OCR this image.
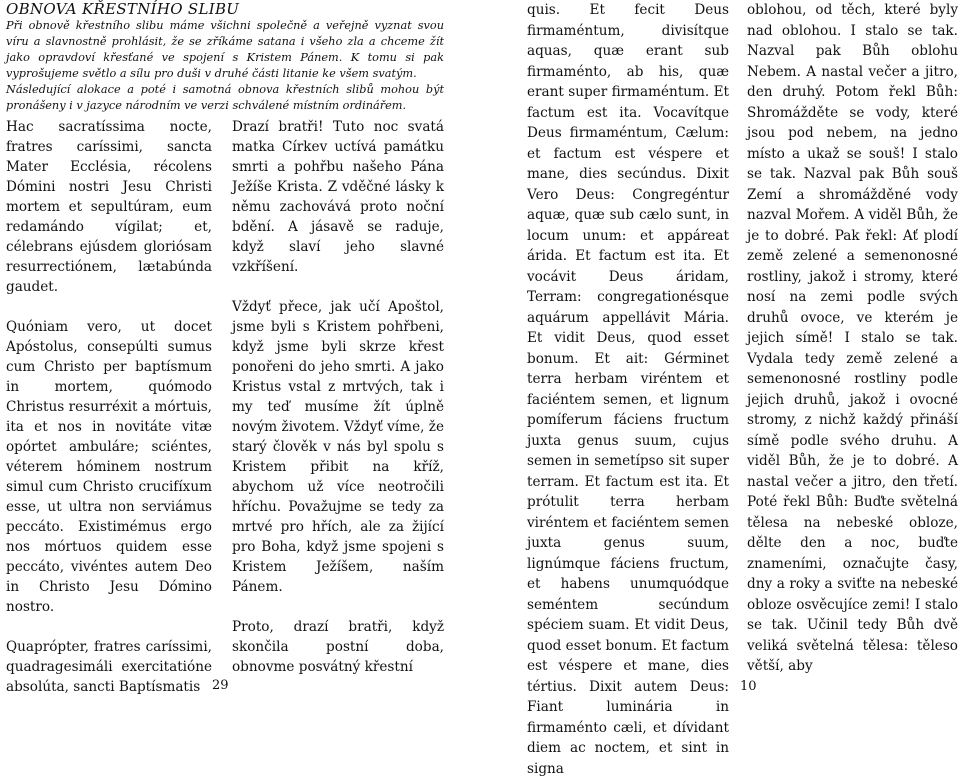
OBNOVA KŘESTNÍHO SLIBU
Při obnově křestního slibu máme všichni společně a veřejně vyznat svou víru a slavnostně prohlásit, že se zříkáme satana i všeho zla a chceme žít jako opravdoví křesťané ve spojení s Kristem Pánem. K tomu si pak vyprošujeme světlo a sílu pro duši v druhé části litanie ke všem svatým.
Následující alokace a poté i samotná obnova křestních slibů mohou být pronášeny i v jazyce národním ve verzi schválené místním ordinářem.

Hac sacratíssima nocte, fratres caríssimi, sancta Mater Ecclésia, récolens Dómini nostri Jesu Christi mortem et sepultúram, eum redamándo vígilat; et, célebrans ejúsdem gloriósam resurrectiónem, lætabúnda gaudet.

Quóniam vero, ut docet Apóstolus, consepúlti sumus cum Christo per baptísmum in mortem, quómodo Christus resurréxit a mórtuis, ita et nos in novitáte vitæ opórtet ambuláre; sciéntes, véterem hóminem nostrum simul cum Christo crucifíxum esse, ut ultra non serviámus peccáto. Existimémus ergo nos mórtuos quidem esse peccáto, vivéntes autem Deo in Christo Jesu Dómino nostro.

Quaprópter, fratres caríssimi, quadragesimáli exercitatióne absolúta, sancti Baptísmatis

Drazí bratři! Tuto noc svatá matka Církev uctívá památku smrti a pohřbu našeho Pána Ježíše Krista. Z vděčné lásky k němu zachovává proto noční bdění. A jásavě se raduje, když slaví jeho slavné vzkříšení.

Vždyť přece, jak učí Apoštol, jsme byli s Kristem pohřbeni, když jsme byli skrze křest ponořeni do jeho smrti. A jako Kristus vstal z mrtvých, tak i my teď musíme žít úplně novým životem. Vždyť víme, že starý člověk v nás byl spolu s Kristem přibit na kříž, abychom už více neotročili hříchu. Považujme se tedy za mrtvé pro hřích, ale za žijící pro Boha, když jsme spojeni s Kristem Ježíšem, naším Pánem.

Proto, drazí bratři, když skončila postní doba, obnovme posvátný křestní

29

quis. Et fecit Deus firmaméntum, divisítque aquas, quæ erant sub firmaménto, ab his, quæ erant super firmaméntum. Et factum est ita. Vocavítque Deus firmaméntum, Cælum: et factum est véspere et mane, dies secúndus. Dixit Vero Deus: Congregéntur aquæ, quæ sub cælo sunt, in locum unum: et appáreat árida. Et factum est ita. Et vocávit Deus áridam, Terram: congregationésque aquárum appellávit Mária. Et vidit Deus, quod esset bonum. Et ait: Gérminet terra herbam viréntem et faciéntem semen, et lignum pomíferum fáciens fructum juxta genus suum, cujus semen in semetípso sit super terram. Et factum est ita. Et prótulit terra herbam viréntem et faciéntem semen juxta genus suum, lignúmque fáciens fructum, et habens unumquódque seméntem secúndum spéciem suam. Et vidit Deus, quod esset bonum. Et factum est véspere et mane, dies tértius. Dixit autem Deus: Fiant luminária in firmaménto cæli, et dívidant diem ac noctem, et sint in signa

oblohou, od těch, které byly nad oblohou. I stalo se tak. Nazval pak Bůh oblohu Nebem. A nastal večer a jitro, den druhý. Potom řekl Bůh: Shromážděte se vody, které jsou pod nebem, na jedno místo a ukaž se souš! I stalo se tak. Nazval pak Bůh souš Zemí a shromážděné vody nazval Mořem. A viděl Bůh, že je to dobré. Pak řekl: Ať plodí země zelené a semenonosné rostliny, jakož i stromy, které nosí na zemi podle svých druhů ovoce, ve kterém je jejich símě! I stalo se tak. Vydala tedy země zelené a semenonosné rostliny podle jejich druhů, jakož i ovocné stromy, z nichž každý přináší símě podle svého druhu. A viděl Bůh, že je to dobré. A nastal večer a jitro, den třetí. Poté řekl Bůh: Buďte světelná tělesa na nebeské obloze, dělte den a noc, buďte znameními, označujte časy, dny a roky a sviťte na nebeské obloze osvěcujíce zemi! I stalo se tak. Učinil tedy Bůh dvě veliká světelná tělesa: těleso větší, aby

10
